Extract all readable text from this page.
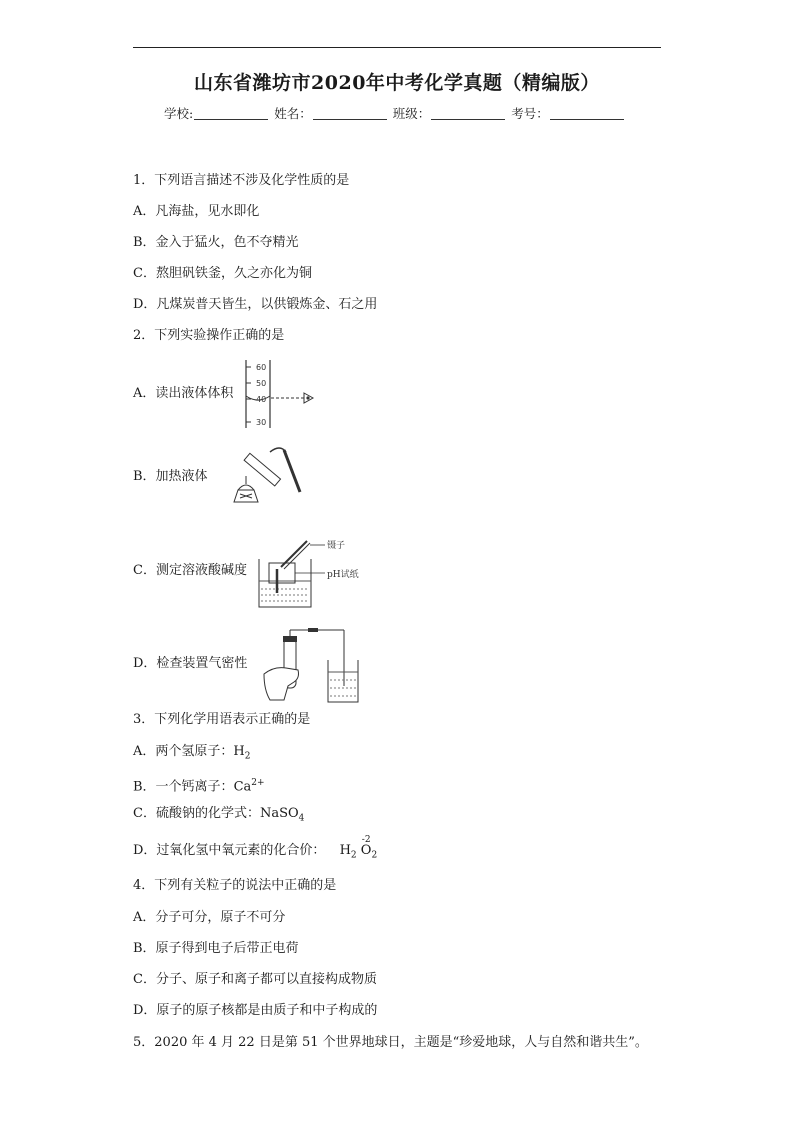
山东省潍坊市2020年中考化学真题（精编版）
学校:	姓名：	班级：	考号：
1．下列语言描述不涉及化学性质的是
A．凡海盐，见水即化
B．金入于猛火，色不夺精光
C．熬胆矾铁釜，久之亦化为铜
D．凡煤炭普天皆生，以供锻炼金、石之用
2．下列实验操作正确的是
A．读出液体体积
B．加热液体
C．测定溶液酸碱度
D．检查装置气密性
60
50
40
30
镊子
pH试纸
3．下列化学用语表示正确的是
A．两个氢原子：$H_2$
B．一个钙离子：$Ca^{2+}$
C．硫酸钠的化学式：NaSO$_4$
D．过氧化氢中氧元素的化合价： $H_2$
-2
$O_2$
4．下列有关粒子的说法中正确的是
A．分子可分，原子不可分
B．原子得到电子后带正电荷
C．分子、原子和离子都可以直接构成物质
D．原子的原子核都是由质子和中子构成的
5．2020 年 4 月 22 日是第 51 个世界地球日，主题是“珍爱地球，人与自然和谐共生”。
